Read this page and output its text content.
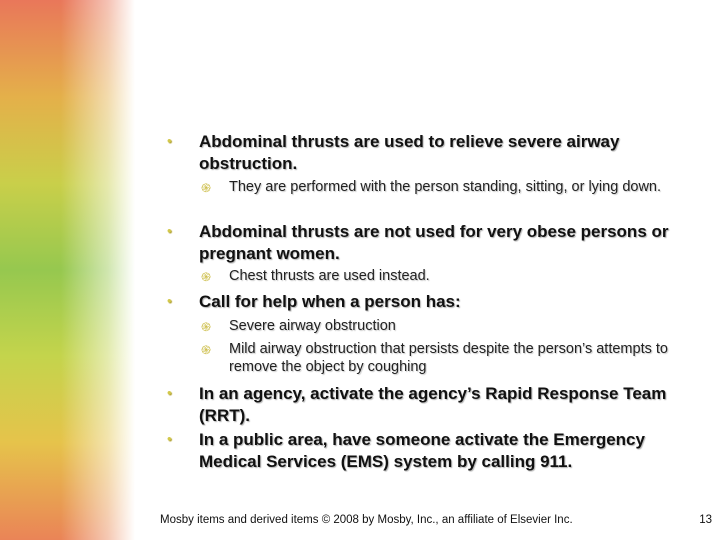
• Abdominal thrusts are used to relieve severe airway obstruction.
֍ They are performed with the person standing, sitting, or lying down.
• Abdominal thrusts are not used for very obese persons or pregnant women.
֍ Chest thrusts are used instead.
• Call for help when a person has:
֍ Severe airway obstruction
֍ Mild airway obstruction that persists despite the person’s attempts to remove the object by coughing
• In an agency, activate the agency’s Rapid Response Team (RRT).
• In a public area, have someone activate the Emergency Medical Services (EMS) system by calling 911.
Mosby items and derived items © 2008 by Mosby, Inc., an affiliate of Elsevier Inc.	13
